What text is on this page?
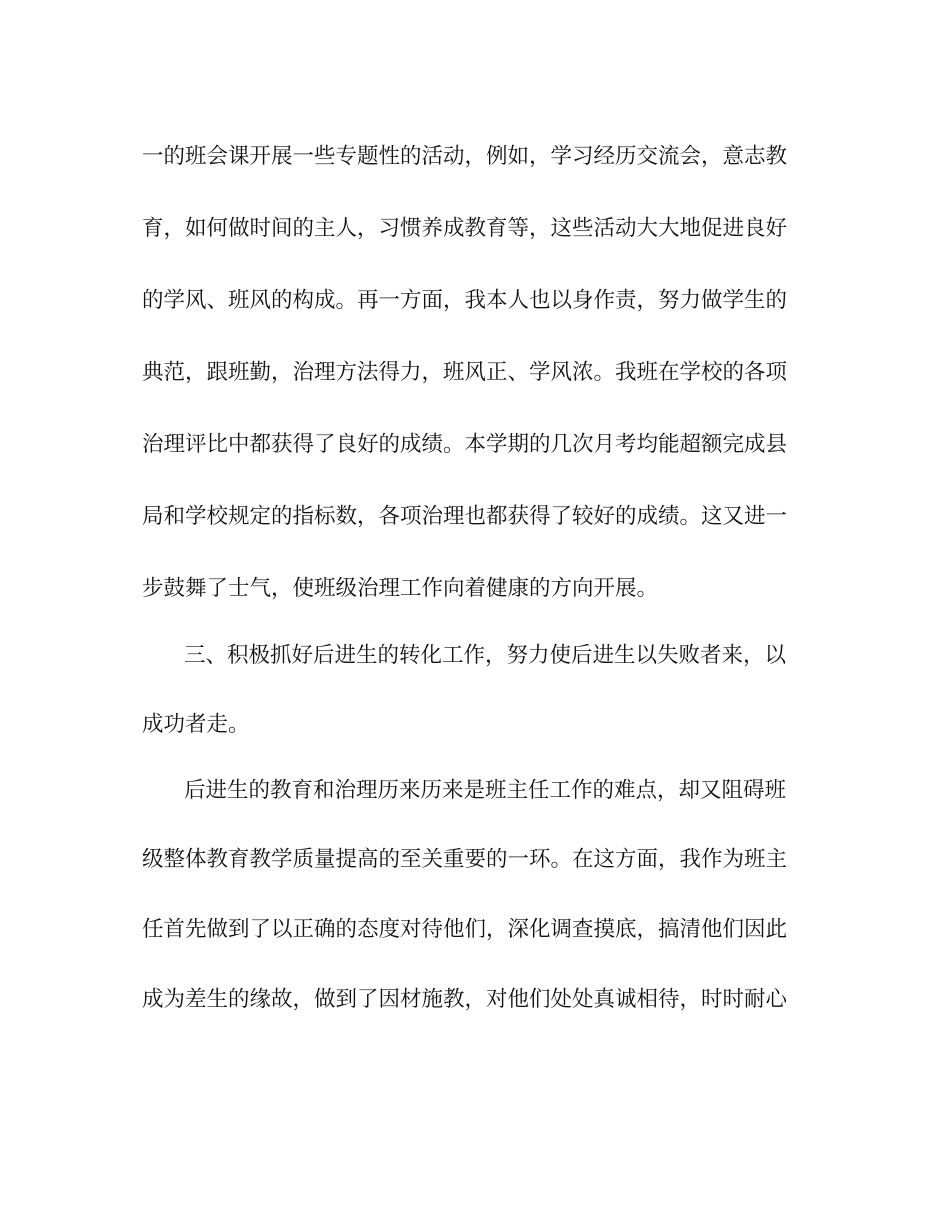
一的班会课开展一些专题性的活动，例如，学习经历交流会，意志教
育，如何做时间的主人，习惯养成教育等，这些活动大大地促进良好
的学风、班风的构成。再一方面，我本人也以身作责，努力做学生的
典范，跟班勤，治理方法得力，班风正、学风浓。我班在学校的各项
治理评比中都获得了良好的成绩。本学期的几次月考均能超额完成县
局和学校规定的指标数，各项治理也都获得了较好的成绩。这又进一
步鼓舞了士气，使班级治理工作向着健康的方向开展。
三、积极抓好后进生的转化工作，努力使后进生以失败者来，以
成功者走。
后进生的教育和治理历来历来是班主任工作的难点，却又阻碍班
级整体教育教学质量提高的至关重要的一环。在这方面，我作为班主
任首先做到了以正确的态度对待他们，深化调查摸底，搞清他们因此
成为差生的缘故，做到了因材施教，对他们处处真诚相待，时时耐心
